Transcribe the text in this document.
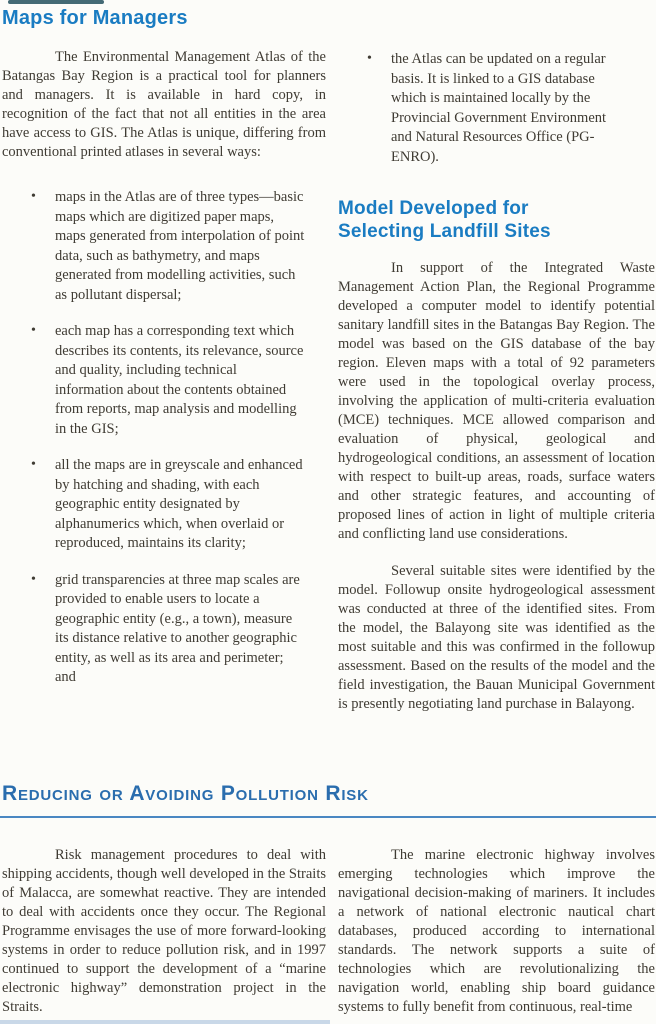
Maps for Managers

The Environmental Management Atlas of the Batangas Bay Region is a practical tool for planners and managers. It is available in hard copy, in recognition of the fact that not all entities in the area have access to GIS. The Atlas is unique, differing from conventional printed atlases in several ways:

• maps in the Atlas are of three types—basic maps which are digitized paper maps, maps generated from interpolation of point data, such as bathymetry, and maps generated from modelling activities, such as pollutant dispersal;
• each map has a corresponding text which describes its contents, its relevance, source and quality, including technical information about the contents obtained from reports, map analysis and modelling in the GIS;
• all the maps are in greyscale and enhanced by hatching and shading, with each geographic entity designated by alphanumerics which, when overlaid or reproduced, maintains its clarity;
• grid transparencies at three map scales are provided to enable users to locate a geographic entity (e.g., a town), measure its distance relative to another geographic entity, as well as its area and perimeter; and
• the Atlas can be updated on a regular basis. It is linked to a GIS database which is maintained locally by the Provincial Government Environment and Natural Resources Office (PG-ENRO).
Model Developed for
Selecting Landfill Sites

In support of the Integrated Waste Management Action Plan, the Regional Programme developed a computer model to identify potential sanitary landfill sites in the Batangas Bay Region. The model was based on the GIS database of the bay region. Eleven maps with a total of 92 parameters were used in the topological overlay process, involving the application of multi-criteria evaluation (MCE) techniques. MCE allowed comparison and evaluation of physical, geological and hydrogeological conditions, an assessment of location with respect to built-up areas, roads, surface waters and other strategic features, and accounting of proposed lines of action in light of multiple criteria and conflicting land use considerations.

Several suitable sites were identified by the model. Followup onsite hydrogeological assessment was conducted at three of the identified sites. From the model, the Balayong site was identified as the most suitable and this was confirmed in the followup assessment. Based on the results of the model and the field investigation, the Bauan Municipal Government is presently negotiating land purchase in Balayong.

Reducing or Avoiding Pollution Risk

Risk management procedures to deal with shipping accidents, though well developed in the Straits of Malacca, are somewhat reactive. They are intended to deal with accidents once they occur. The Regional Programme envisages the use of more forward-looking systems in order to reduce pollution risk, and in 1997 continued to support the development of a “marine electronic highway” demonstration project in the Straits.

The marine electronic highway involves emerging technologies which improve the navigational decision-making of mariners. It includes a network of national electronic nautical chart databases, produced according to international standards. The network supports a suite of technologies which are revolutionalizing the navigation world, enabling ship board guidance systems to fully benefit from continuous, real-time
